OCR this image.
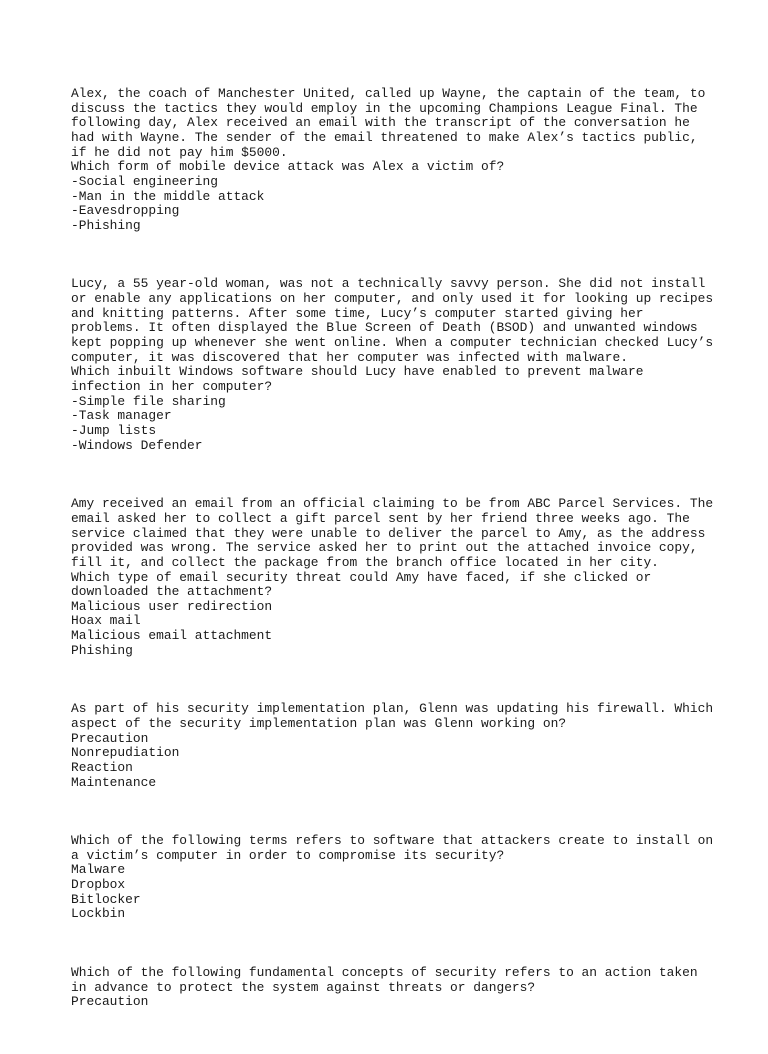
Alex, the coach of Manchester United, called up Wayne, the captain of the team, to
discuss the tactics they would employ in the upcoming Champions League Final. The
following day, Alex received an email with the transcript of the conversation he
had with Wayne. The sender of the email threatened to make Alex’s tactics public,
if he did not pay him $5000.
Which form of mobile device attack was Alex a victim of?
-Social engineering
-Man in the middle attack
-Eavesdropping
-Phishing
Lucy, a 55 year-old woman, was not a technically savvy person. She did not install
or enable any applications on her computer, and only used it for looking up recipes
and knitting patterns. After some time, Lucy’s computer started giving her
problems. It often displayed the Blue Screen of Death (BSOD) and unwanted windows
kept popping up whenever she went online. When a computer technician checked Lucy’s
computer, it was discovered that her computer was infected with malware.
Which inbuilt Windows software should Lucy have enabled to prevent malware
infection in her computer?
-Simple file sharing
-Task manager
-Jump lists
-Windows Defender
Amy received an email from an official claiming to be from ABC Parcel Services. The
email asked her to collect a gift parcel sent by her friend three weeks ago. The
service claimed that they were unable to deliver the parcel to Amy, as the address
provided was wrong. The service asked her to print out the attached invoice copy,
fill it, and collect the package from the branch office located in her city.
Which type of email security threat could Amy have faced, if she clicked or
downloaded the attachment?
Malicious user redirection
Hoax mail
Malicious email attachment
Phishing
As part of his security implementation plan, Glenn was updating his firewall. Which
aspect of the security implementation plan was Glenn working on?
Precaution
Nonrepudiation
Reaction
Maintenance
Which of the following terms refers to software that attackers create to install on
a victim’s computer in order to compromise its security?
Malware
Dropbox
Bitlocker
Lockbin
Which of the following fundamental concepts of security refers to an action taken
in advance to protect the system against threats or dangers?
Precaution
